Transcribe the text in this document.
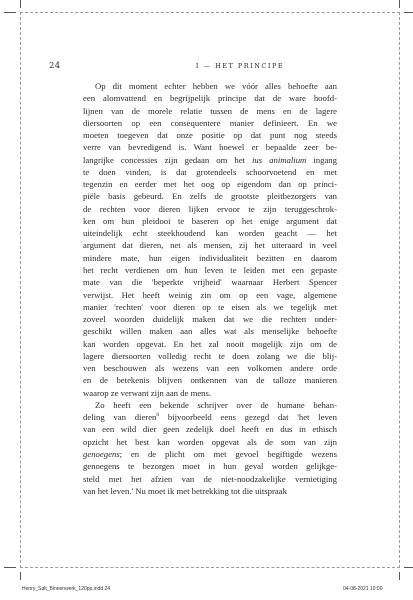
24	I — HET PRINCIPE
Op dit moment echter hebben we vóór alles behoefte aan
een alomvattend en begrijpelijk principe dat de ware hoofd-
lijnen van de morele relatie tussen de mens en de lagere
diersoorten op een consequentere manier definieert. En we
moeten toegeven dat onze positie op dat punt nog steeds
verre van bevredigend is. Want hoewel er bepaalde zeer be-
langrijke concessies zijn gedaan om het ius animalium ingang
te doen vinden, is dat grotendeels schoorvoetend en met
tegenzin en eerder met het oog op eigendom dan op princi-
piële basis gebeurd. En zelfs de grootste pleitbezorgers van
de rechten voor dieren lijken ervoor te zijn teruggeschrok-
ken om hun pleidooi te baseren op het enige argument dat
uiteindelijk echt steekhoudend kan worden geacht — het
argument dat dieren, net als mensen, zij het uiteraard in veel
mindere mate, hun eigen individualiteit bezitten en daarom
het recht verdienen om hun leven te leiden met een gepaste
mate van die 'beperkte vrijheid' waarnaar Herbert Spencer
verwijst. Het heeft weinig zin om op een vage, algemene
manier 'rechten' voor dieren op te eisen als we tegelijk met
zoveel woorden duidelijk maken dat we die rechten onder-
geschikt willen maken aan alles wat als menselijke behoefte
kan worden opgevat. En het zal nooit mogelijk zijn om de
lagere diersoorten volledig recht te doen zolang we die blij-
ven beschouwen als wezens van een volkomen andere orde
en de betekenis blijven ontkennen van de talloze manieren
waarop ze verwant zijn aan de mens.
Zo heeft een bekende schrijver over de humane behan-
deling van dieren$^6$ bijvoorbeeld eens gezegd dat 'het leven
van een wild dier geen zedelijk doel heeft en dus in ethisch
opzicht het best kan worden opgevat als de som van zijn
genoegens; en de plicht om met gevoel begiftigde wezens
genoegens te bezorgen moet in hun geval worden gelijkge-
steld met het afzien van de niet-noodzakelijke vernietiging
van het leven.' Nu moet ik met betrekking tot die uitspraak
Henry_Salt_Binnenwerk_120pp.indd 24	04-08-2021 10:00
